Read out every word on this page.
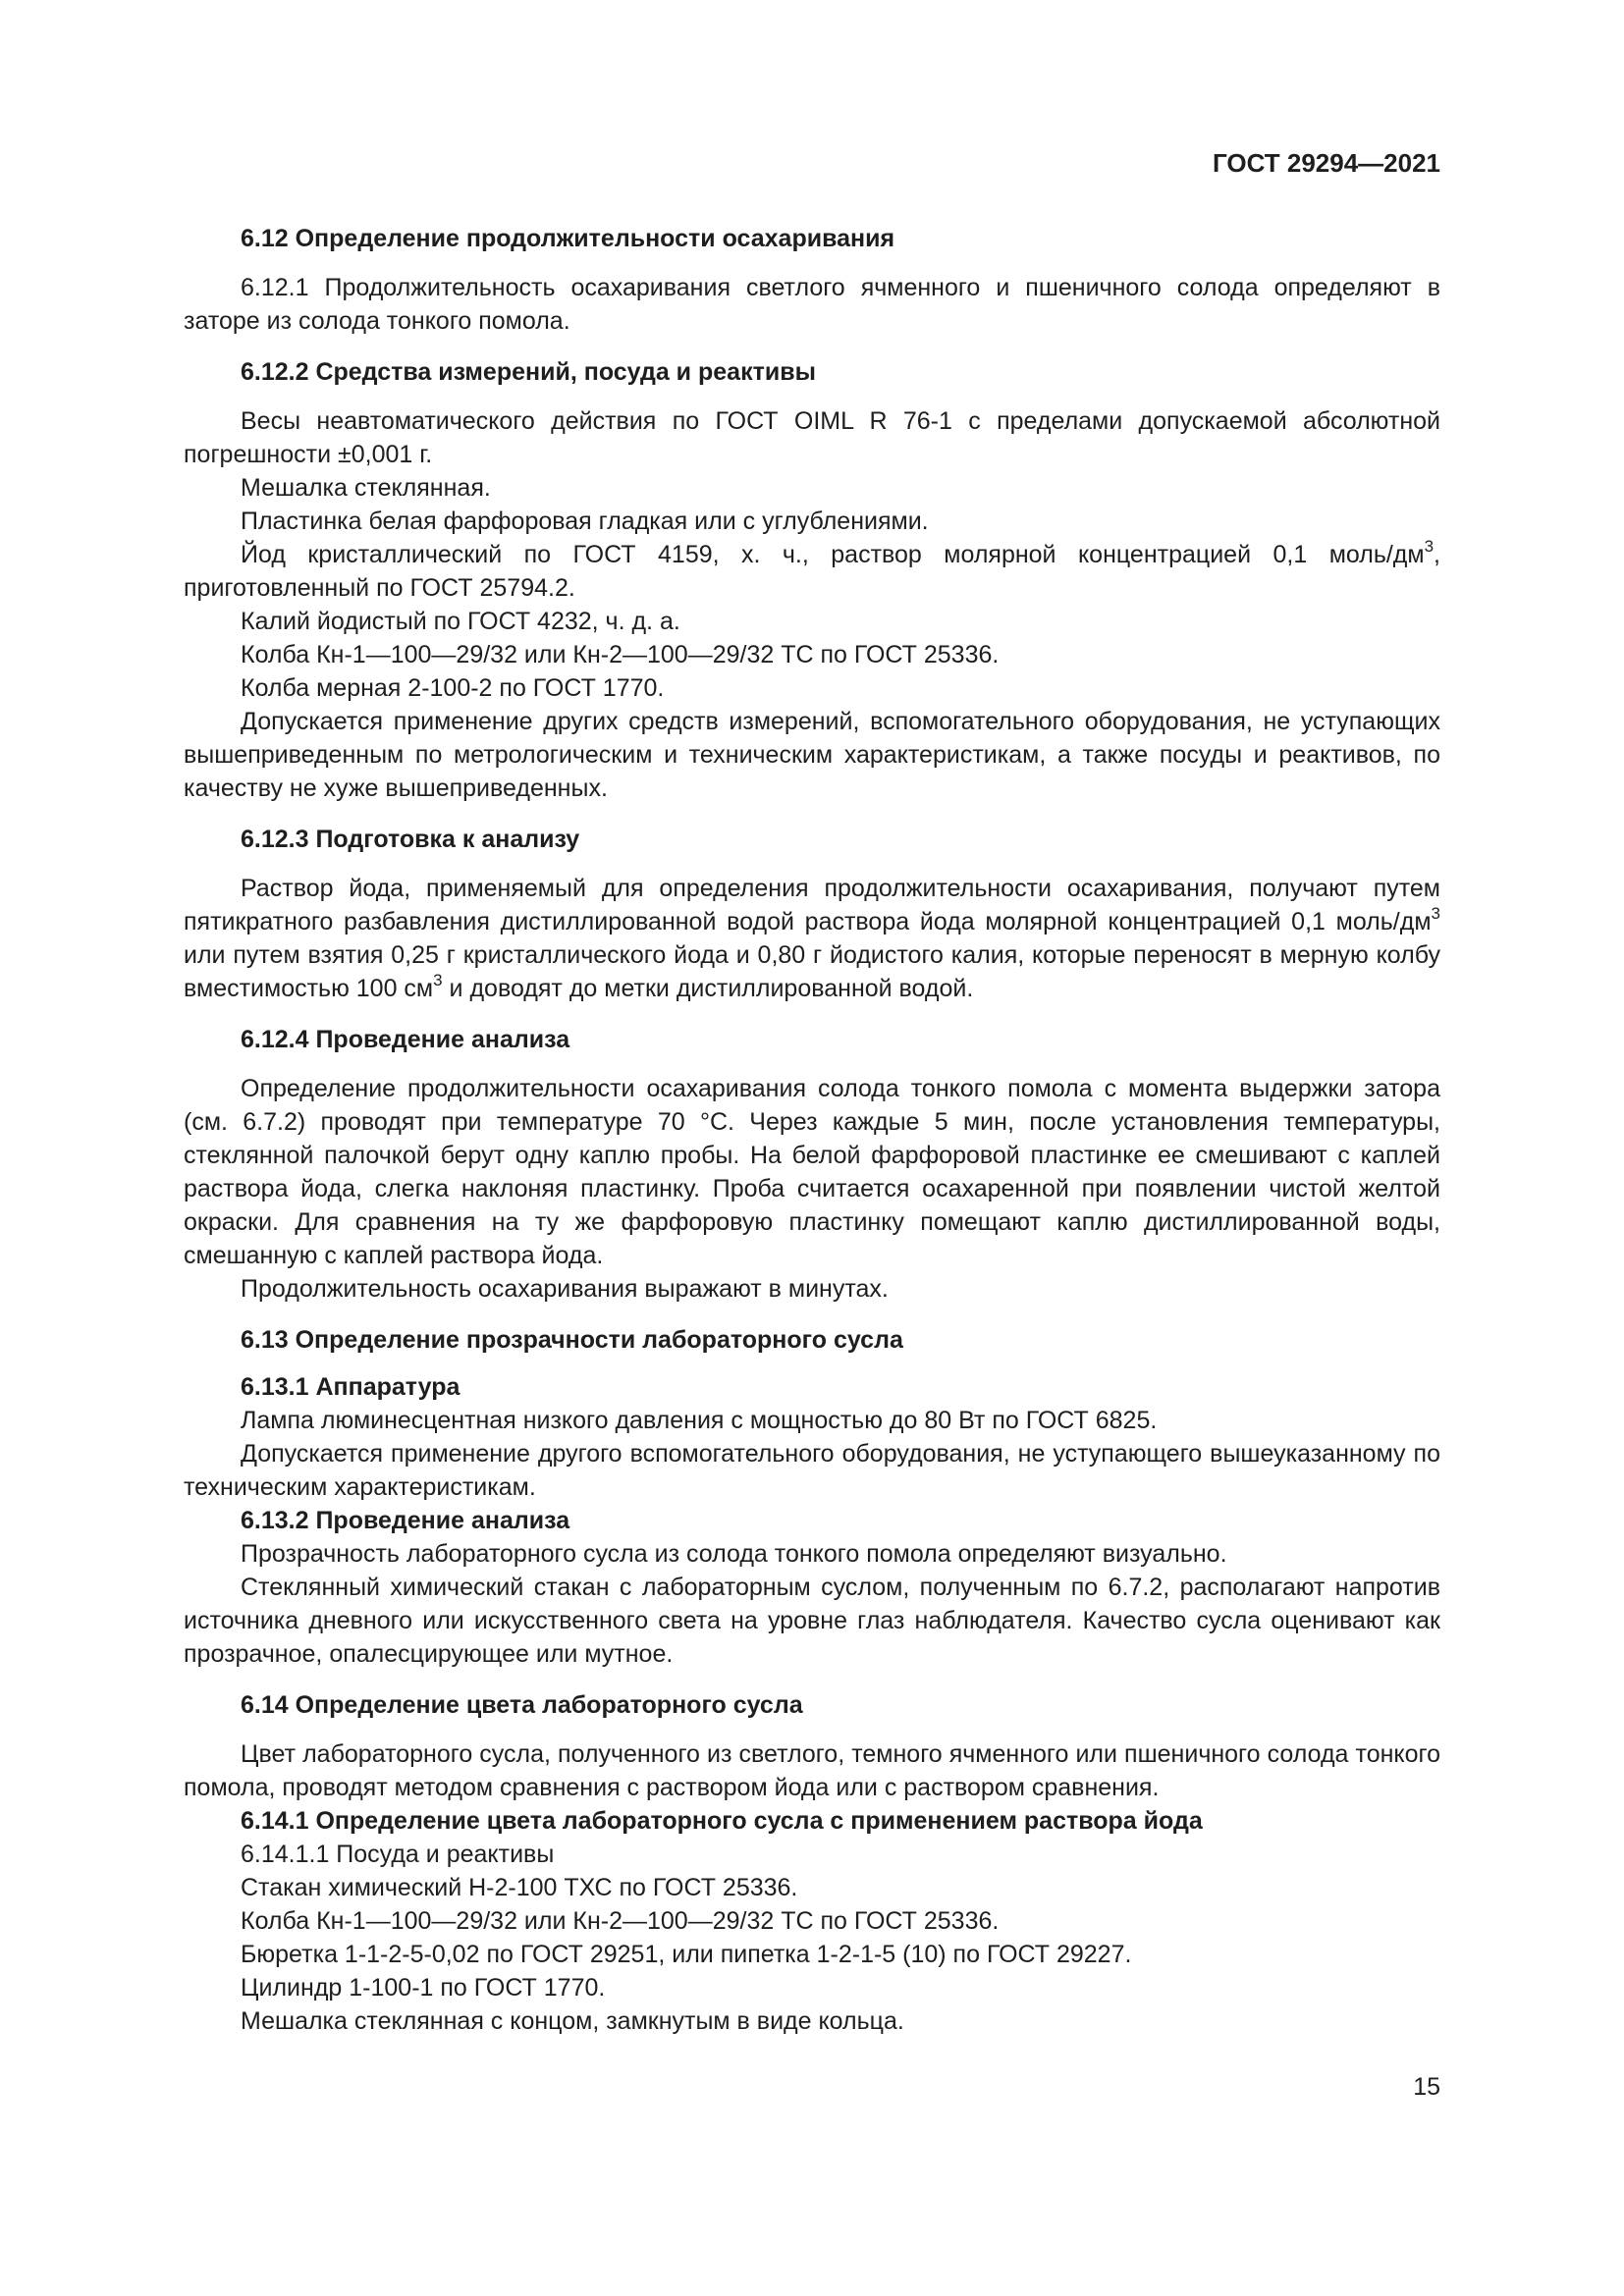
ГОСТ 29294—2021
6.12 Определение продолжительности осахаривания
6.12.1 Продолжительность осахаривания светлого ячменного и пшеничного солода определяют в заторе из солода тонкого помола.
6.12.2 Средства измерений, посуда и реактивы
Весы неавтоматического действия по ГОСТ OIML R 76-1 с пределами допускаемой абсолютной погрешности ±0,001 г.
Мешалка стеклянная.
Пластинка белая фарфоровая гладкая или с углублениями.
Йод кристаллический по ГОСТ 4159, х. ч., раствор молярной концентрацией 0,1 моль/$дм^3$, приготовленный по ГОСТ 25794.2.
Калий йодистый по ГОСТ 4232, ч. д. а.
Колба Кн-1—100—29/32 или Кн-2—100—29/32 ТС по ГОСТ 25336.
Колба мерная 2-100-2 по ГОСТ 1770.
Допускается применение других средств измерений, вспомогательного оборудования, не уступающих вышеприведенным по метрологическим и техническим характеристикам, а также посуды и реактивов, по качеству не хуже вышеприведенных.
6.12.3 Подготовка к анализу
Раствор йода, применяемый для определения продолжительности осахаривания, получают путем пятикратного разбавления дистиллированной водой раствора йода молярной концентрацией 0,1 моль/$дм^3$ или путем взятия 0,25 г кристаллического йода и 0,80 г йодистого калия, которые переносят в мерную колбу вместимостью 100 $см^3$ и доводят до метки дистиллированной водой.
6.12.4 Проведение анализа
Определение продолжительности осахаривания солода тонкого помола с момента выдержки затора (см. 6.7.2) проводят при температуре 70 °С. Через каждые 5 мин, после установления температуры, стеклянной палочкой берут одну каплю пробы. На белой фарфоровой пластинке ее смешивают с каплей раствора йода, слегка наклоняя пластинку. Проба считается осахаренной при появлении чистой желтой окраски. Для сравнения на ту же фарфоровую пластинку помещают каплю дистиллированной воды, смешанную с каплей раствора йода.
Продолжительность осахаривания выражают в минутах.
6.13 Определение прозрачности лабораторного сусла
6.13.1 Аппаратура
Лампа люминесцентная низкого давления с мощностью до 80 Вт по ГОСТ 6825.
Допускается применение другого вспомогательного оборудования, не уступающего вышеуказанному по техническим характеристикам.
6.13.2 Проведение анализа
Прозрачность лабораторного сусла из солода тонкого помола определяют визуально.
Стеклянный химический стакан с лабораторным суслом, полученным по 6.7.2, располагают напротив источника дневного или искусственного света на уровне глаз наблюдателя. Качество сусла оценивают как прозрачное, опалесцирующее или мутное.
6.14 Определение цвета лабораторного сусла
Цвет лабораторного сусла, полученного из светлого, темного ячменного или пшеничного солода тонкого помола, проводят методом сравнения с раствором йода или с раствором сравнения.
6.14.1 Определение цвета лабораторного сусла с применением раствора йода
6.14.1.1 Посуда и реактивы
Стакан химический Н-2-100 ТХС по ГОСТ 25336.
Колба Кн-1—100—29/32 или Кн-2—100—29/32 ТС по ГОСТ 25336.
Бюретка 1-1-2-5-0,02 по ГОСТ 29251, или пипетка 1-2-1-5 (10) по ГОСТ 29227.
Цилиндр 1-100-1 по ГОСТ 1770.
Мешалка стеклянная с концом, замкнутым в виде кольца.
15
